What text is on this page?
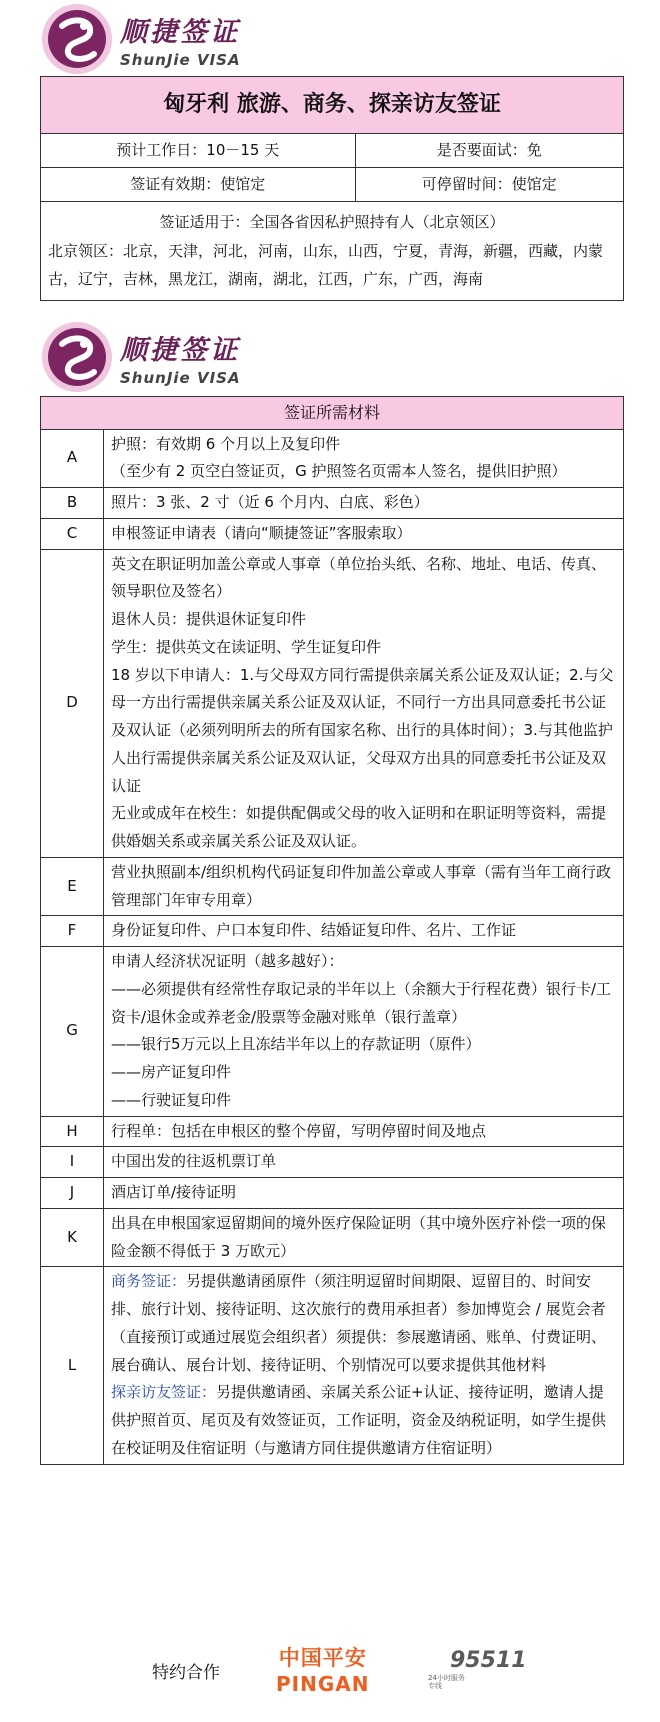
顺捷签证
ShunJie VISA
匈牙利 旅游、商务、探亲访友签证	
预计工作日：10－15 天	是否要面试：免
签证有效期：使馆定	可停留时间：使馆定

签证适用于：全国各省因私护照持有人（北京领区）
北京领区：北京，天津，河北，河南，山东，山西，宁夏，青海，新疆，西藏，内蒙古，辽宁，吉林，黑龙江，湖南，湖北，江西，广东，广西，海南	
顺捷签证
ShunJie VISA
签证所需材料	
A	护照：有效期 6 个月以上及复印件
（至少有 2 页空白签证页，G 护照签名页需本人签名，提供旧护照）

B	照片：3 张、2 寸（近 6 个月内、白底、彩色）

C	申根签证申请表（请向“顺捷签证”客服索取）

D	英文在职证明加盖公章或人事章（单位抬头纸、名称、地址、电话、传真、领导职位及签名）
退休人员：提供退休证复印件
学生：提供英文在读证明、学生证复印件
18 岁以下申请人：1.与父母双方同行需提供亲属关系公证及双认证；2.与父母一方出行需提供亲属关系公证及双认证，不同行一方出具同意委托书公证及双认证（必须列明所去的所有国家名称、出行的具体时间）；3.与其他监护人出行需提供亲属关系公证及双认证，父母双方出具的同意委托书公证及双认证
无业或成年在校生：如提供配偶或父母的收入证明和在职证明等资料，需提供婚姻关系或亲属关系公证及双认证。

E	营业执照副本/组织机构代码证复印件加盖公章或人事章（需有当年工商行政管理部门年审专用章）

F	身份证复印件、户口本复印件、结婚证复印件、名片、工作证

G	申请人经济状况证明（越多越好）：
——必须提供有经常性存取记录的半年以上（余额大于行程花费）银行卡/工资卡/退休金或养老金/股票等金融对账单（银行盖章）
——银行5万元以上且冻结半年以上的存款证明（原件）
——房产证复印件
——行驶证复印件

H	行程单：包括在申根区的整个停留，写明停留时间及地点

I	中国出发的往返机票订单

J	酒店订单/接待证明

K	出具在申根国家逗留期间的境外医疗保险证明（其中境外医疗补偿一项的保险金额不得低于 3 万欧元）

L	商务签证：另提供邀请函原件（须注明逗留时间期限、逗留目的、时间安排、旅行计划、接待证明、这次旅行的费用承担者）参加博览会 / 展览会者（直接预订或通过展览会组织者）须提供：参展邀请函、账单、付费证明、展台确认、展台计划、接待证明、个别情况可以要求提供其他材料
探亲访友签证：另提供邀请函、亲属关系公证+认证、接待证明，邀请人提供护照首页、尾页及有效签证页，工作证明，资金及纳税证明，如学生提供在校证明及住宿证明（与邀请方同住提供邀请方住宿证明）
特约合作
中国平安
PINGAN
95511
24小时服务专线
